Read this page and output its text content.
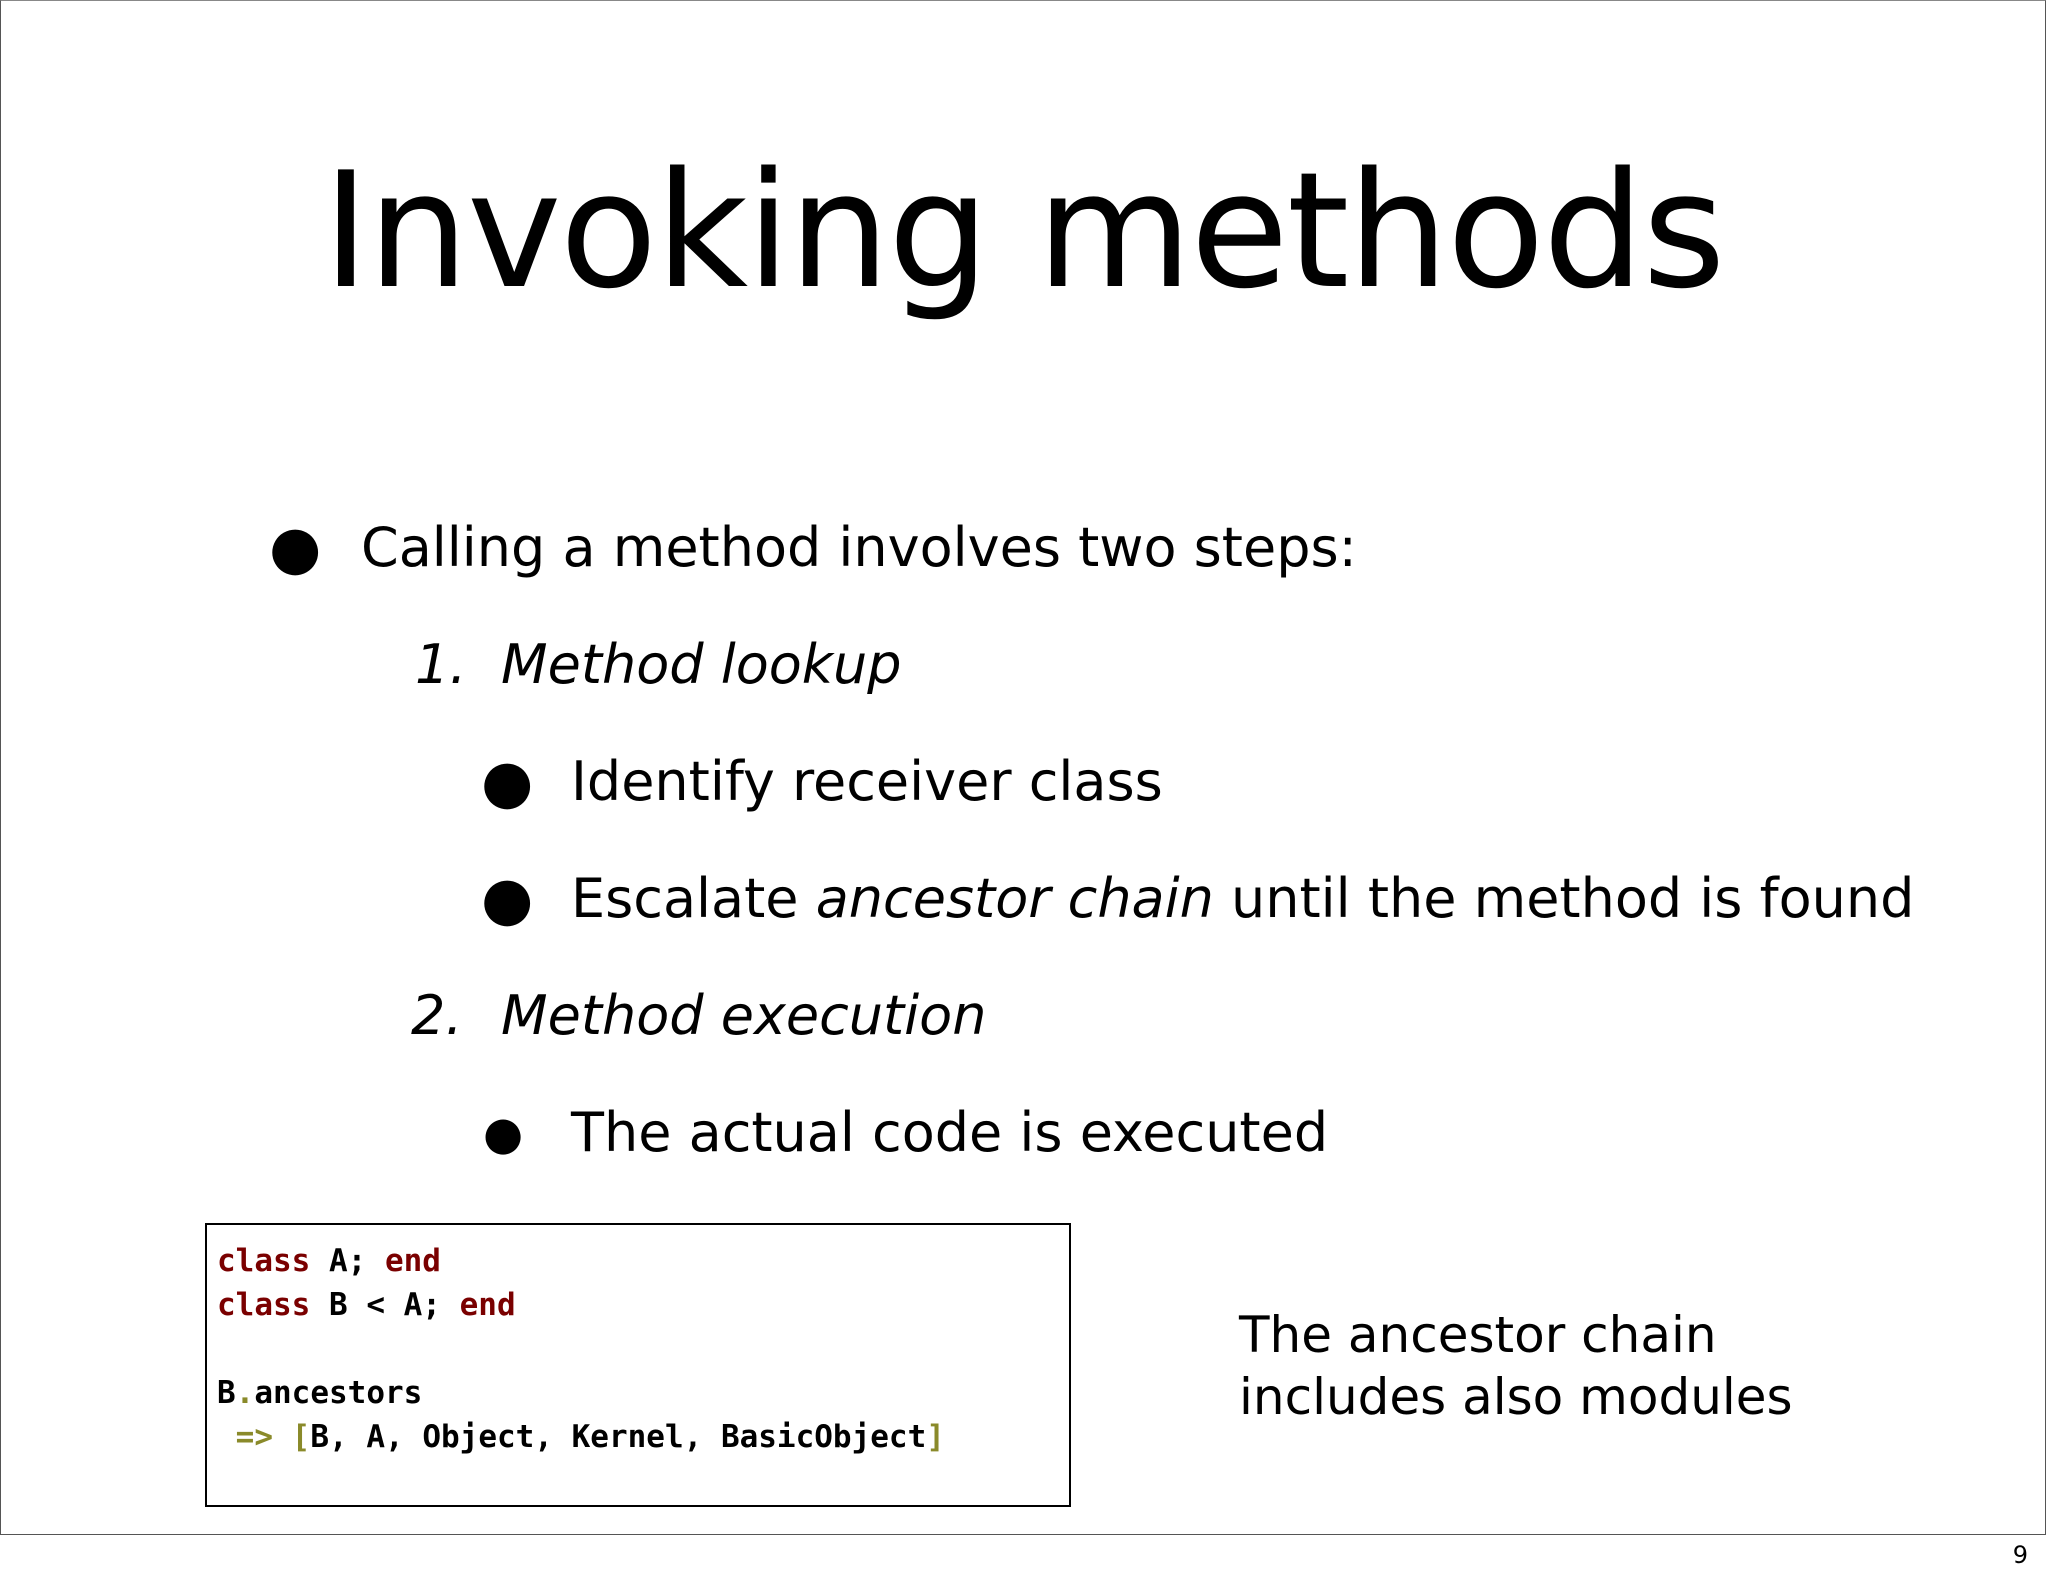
Invoking methods
● Calling a method involves two steps:
1. Method lookup
● Identify receiver class
● Escalate ancestor chain until the method is found
2. Method execution
● The actual code is executed
class A; end
class B < A; end

B.ancestors
=> [B, A, Object, Kernel, BasicObject]
The ancestor chain
includes also modules
9
